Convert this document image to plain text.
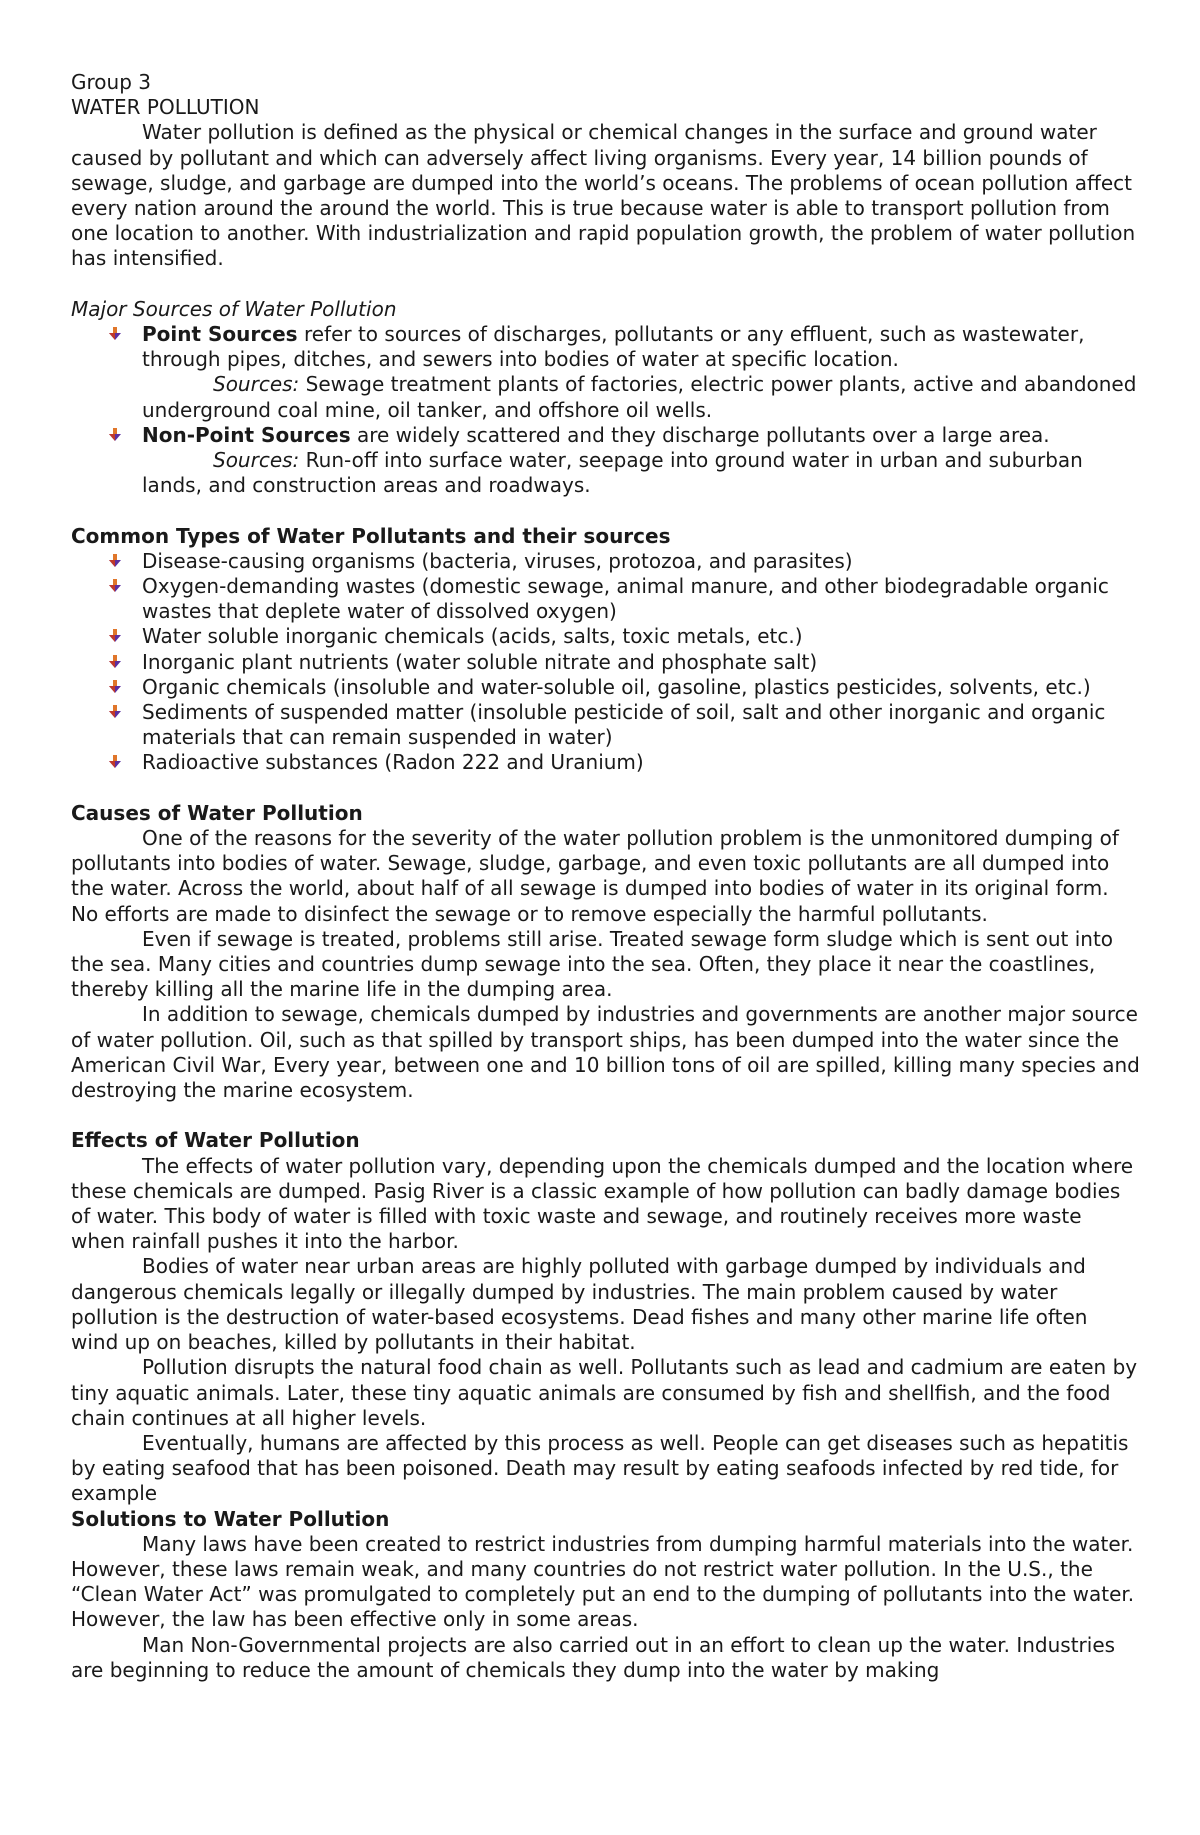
Group 3

WATER POLLUTION

Water pollution is defined as the physical or chemical changes in the surface and ground water caused by pollutant and which can adversely affect living organisms. Every year, 14 billion pounds of sewage, sludge, and garbage are dumped into the world’s oceans. The problems of ocean pollution affect every nation around the around the world. This is true because water is able to transport pollution from one location to another. With industrialization and rapid population growth, the problem of water pollution has intensified.

Major Sources of Water Pollution

Point Sources refer to sources of discharges, pollutants or any effluent, such as wastewater, through pipes, ditches, and sewers into bodies of water at specific location.
Sources: Sewage treatment plants of factories, electric power plants, active and abandoned underground coal mine, oil tanker, and offshore oil wells.
Non-Point Sources are widely scattered and they discharge pollutants over a large area.
Sources: Run-off into surface water, seepage into ground water in urban and suburban lands, and construction areas and roadways.

Common Types of Water Pollutants and their sources

Disease-causing organisms (bacteria, viruses, protozoa, and parasites)
Oxygen-demanding wastes (domestic sewage, animal manure, and other biodegradable organic wastes that deplete water of dissolved oxygen)
Water soluble inorganic chemicals (acids, salts, toxic metals, etc.)
Inorganic plant nutrients (water soluble nitrate and phosphate salt)
Organic chemicals (insoluble and water-soluble oil, gasoline, plastics pesticides, solvents, etc.)
Sediments of suspended matter (insoluble pesticide of soil, salt and other inorganic and organic materials that can remain suspended in water)
Radioactive substances (Radon 222 and Uranium)

Causes of Water Pollution

One of the reasons for the severity of the water pollution problem is the unmonitored dumping of pollutants into bodies of water. Sewage, sludge, garbage, and even toxic pollutants are all dumped into the water. Across the world, about half of all sewage is dumped into bodies of water in its original form. No efforts are made to disinfect the sewage or to remove especially the harmful pollutants.

Even if sewage is treated, problems still arise. Treated sewage form sludge which is sent out into the sea. Many cities and countries dump sewage into the sea. Often, they place it near the coastlines, thereby killing all the marine life in the dumping area.

In addition to sewage, chemicals dumped by industries and governments are another major source of water pollution. Oil, such as that spilled by transport ships, has been dumped into the water since the American Civil War, Every year, between one and 10 billion tons of oil are spilled, killing many species and destroying the marine ecosystem.

Effects of Water Pollution

The effects of water pollution vary, depending upon the chemicals dumped and the location where these chemicals are dumped. Pasig River is a classic example of how pollution can badly damage bodies of water. This body of water is filled with toxic waste and sewage, and routinely receives more waste when rainfall pushes it into the harbor.

Bodies of water near urban areas are highly polluted with garbage dumped by individuals and dangerous chemicals legally or illegally dumped by industries. The main problem caused by water pollution is the destruction of water-based ecosystems. Dead fishes and many other marine life often wind up on beaches, killed by pollutants in their habitat.

Pollution disrupts the natural food chain as well. Pollutants such as lead and cadmium are eaten by tiny aquatic animals. Later, these tiny aquatic animals are consumed by fish and shellfish, and the food chain continues at all higher levels.

Eventually, humans are affected by this process as well. People can get diseases such as hepatitis by eating seafood that has been poisoned. Death may result by eating seafoods infected by red tide, for example

Solutions to Water Pollution

Many laws have been created to restrict industries from dumping harmful materials into the water. However, these laws remain weak, and many countries do not restrict water pollution. In the U.S., the “Clean Water Act” was promulgated to completely put an end to the dumping of pollutants into the water. However, the law has been effective only in some areas.

Man Non-Governmental projects are also carried out in an effort to clean up the water. Industries are beginning to reduce the amount of chemicals they dump into the water by making
